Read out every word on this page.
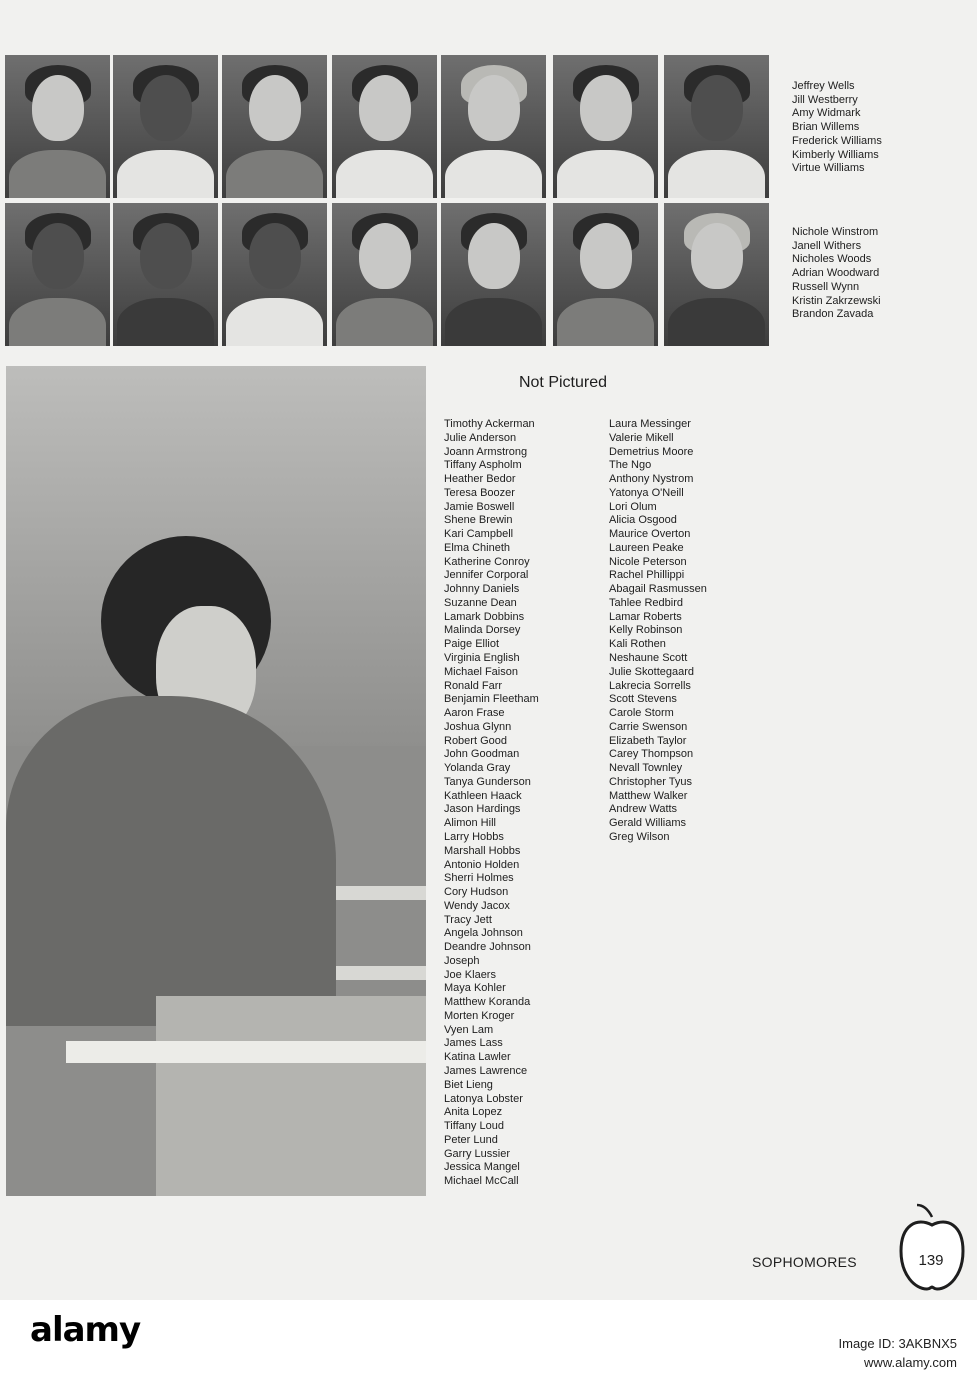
Jeffrey Wells
Jill Westberry
Amy Widmark
Brian Willems
Frederick Williams
Kimberly Williams
Virtue Williams
Nichole Winstrom
Janell Withers
Nicholes Woods
Adrian Woodward
Russell Wynn
Kristin Zakrzewski
Brandon Zavada
Not Pictured
Timothy Ackerman
Julie Anderson
Joann Armstrong
Tiffany Aspholm
Heather Bedor
Teresa Boozer
Jamie Boswell
Shene Brewin
Kari Campbell
Elma Chineth
Katherine Conroy
Jennifer Corporal
Johnny Daniels
Suzanne Dean
Lamark Dobbins
Malinda Dorsey
Paige Elliot
Virginia English
Michael Faison
Ronald Farr
Benjamin Fleetham
Aaron Frase
Joshua Glynn
Robert Good
John Goodman
Yolanda Gray
Tanya Gunderson
Kathleen Haack
Jason Hardings
Alimon Hill
Larry Hobbs
Marshall Hobbs
Antonio Holden
Sherri Holmes
Cory Hudson
Wendy Jacox
Tracy Jett
Angela Johnson
Deandre Johnson
Joseph
Joe Klaers
Maya Kohler
Matthew Koranda
Morten Kroger
Vyen Lam
James Lass
Katina Lawler
James Lawrence
Biet Lieng
Latonya Lobster
Anita Lopez
Tiffany Loud
Peter Lund
Garry Lussier
Jessica Mangel
Michael McCall
Laura Messinger
Valerie Mikell
Demetrius Moore
The Ngo
Anthony Nystrom
Yatonya O'Neill
Lori Olum
Alicia Osgood
Maurice Overton
Laureen Peake
Nicole Peterson
Rachel Phillippi
Abagail Rasmussen
Tahlee Redbird
Lamar Roberts
Kelly Robinson
Kali Rothen
Neshaune Scott
Julie Skottegaard
Lakrecia Sorrells
Scott Stevens
Carole Storm
Carrie Swenson
Elizabeth Taylor
Carey Thompson
Nevall Townley
Christopher Tyus
Matthew Walker
Andrew Watts
Gerald Williams
Greg Wilson
SOPHOMORES	139
alamy	Image ID: 3AKBNX5
www.alamy.com
